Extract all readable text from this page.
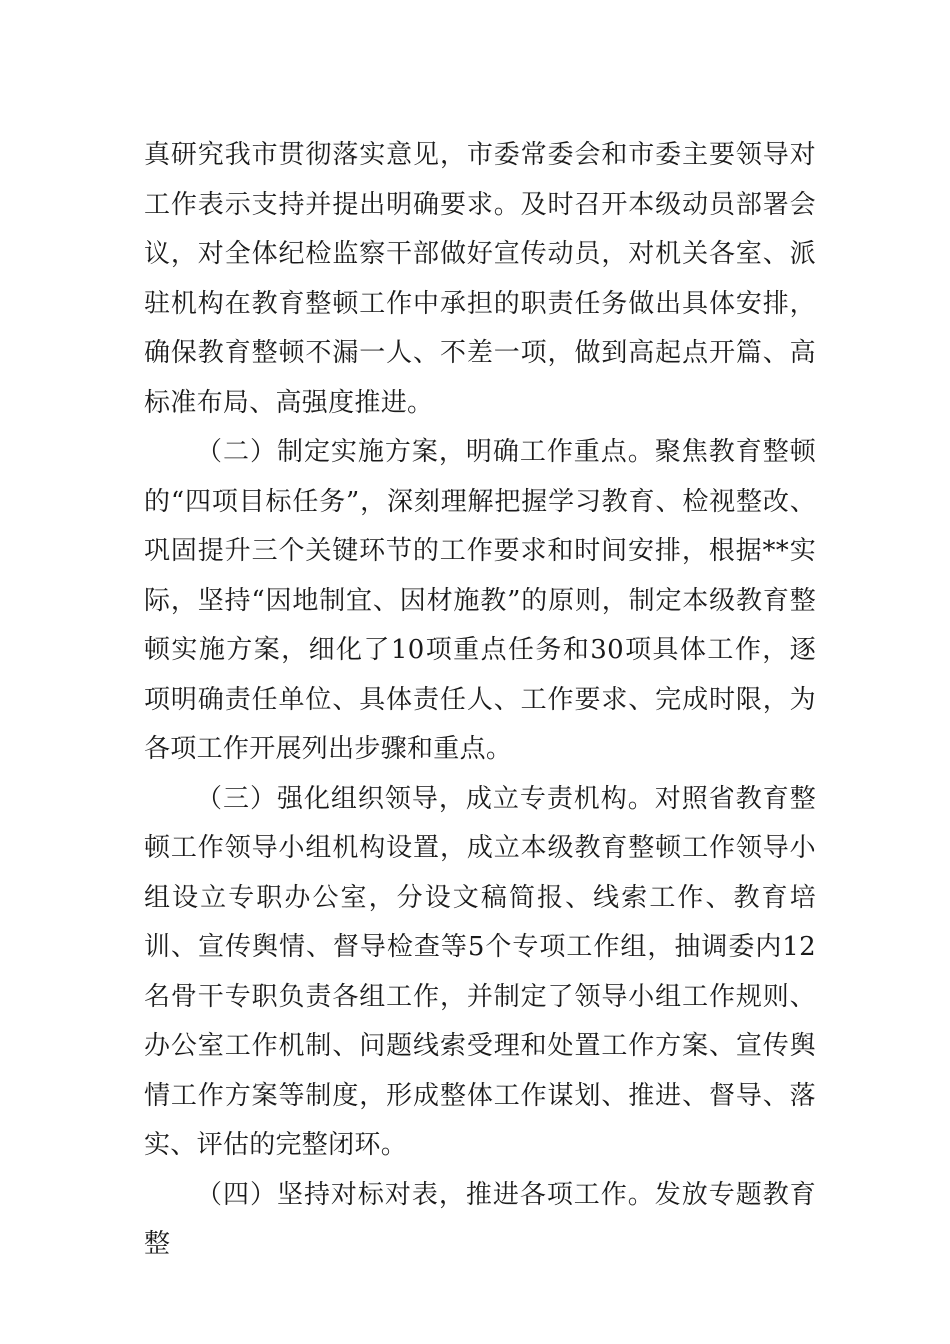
真研究我市贯彻落实意见，市委常委会和市委主要领导对工作表示支持并提出明确要求。及时召开本级动员部署会议，对全体纪检监察干部做好宣传动员，对机关各室、派驻机构在教育整顿工作中承担的职责任务做出具体安排，确保教育整顿不漏一人、不差一项，做到高起点开篇、高标准布局、高强度推进。

（二）制定实施方案，明确工作重点。聚焦教育整顿的“四项目标任务”，深刻理解把握学习教育、检视整改、巩固提升三个关键环节的工作要求和时间安排，根据**实际，坚持“因地制宜、因材施教”的原则，制定本级教育整顿实施方案，细化了10项重点任务和30项具体工作，逐项明确责任单位、具体责任人、工作要求、完成时限，为各项工作开展列出步骤和重点。

（三）强化组织领导，成立专责机构。对照省教育整顿工作领导小组机构设置，成立本级教育整顿工作领导小组设立专职办公室，分设文稿简报、线索工作、教育培训、宣传舆情、督导检查等5个专项工作组，抽调委内12名骨干专职负责各组工作，并制定了领导小组工作规则、办公室工作机制、问题线索受理和处置工作方案、宣传舆情工作方案等制度，形成整体工作谋划、推进、督导、落实、评估的完整闭环。

（四）坚持对标对表，推进各项工作。发放专题教育整
